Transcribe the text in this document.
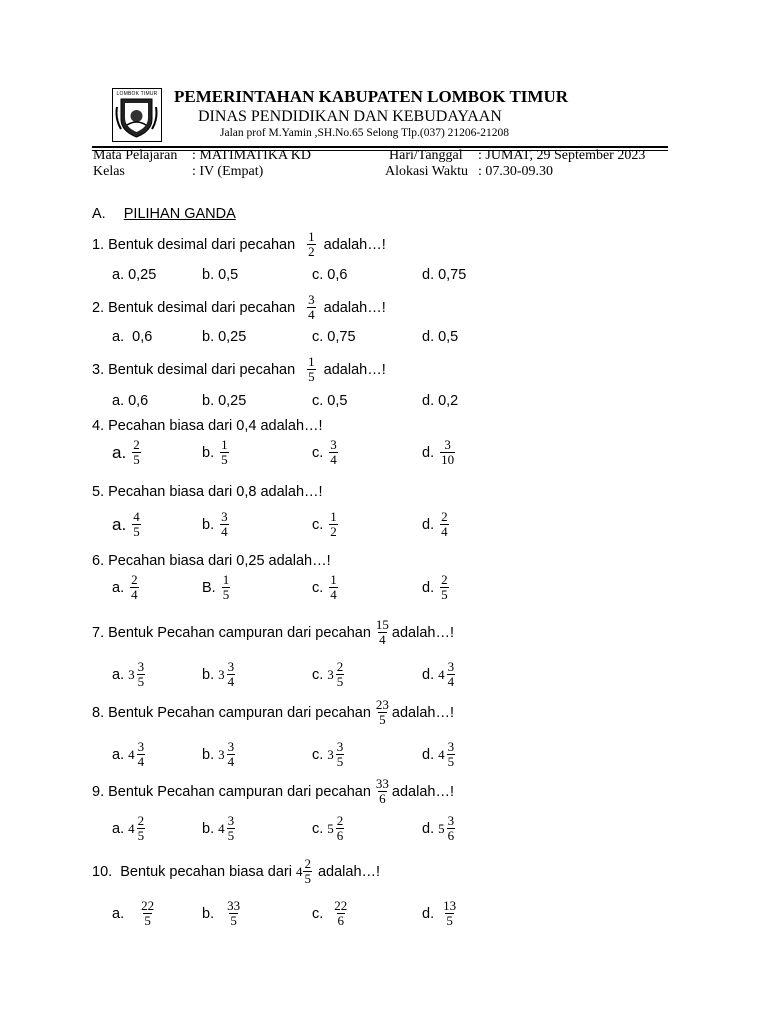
LOMBOK TIMUR PEMERINTAHAN KABUPATEN LOMBOK TIMUR
DINAS PENDIDIKAN DAN KEBUDAYAAN
Jalan prof M.Yamin ,SH.No.65 Selong Tlp.(037) 21206-21208
Mata Pelajaran : MATIMATIKA KD
Kelas	: IV (Empat)
Hari/Tanggal : JUMAT, 29 September 2023
Alokasi Waktu : 07.30-09.30
A. PILIHAN GANDA
1.
Bentuk desimal dari pecahan
$\frac{1}{2}$ adalah…!
a. 0,25	b. 0,5	c. 0,6	d. 0,75
2.
Bentuk desimal dari pecahan
$\frac{3}{4}$ adalah…!
a.
0,6	b. 0,25	c. 0,75	d. 0,5
3.
Bentuk desimal dari pecahan
$\frac{1}{5}$ adalah…!
a. 0,6	b. 0,25	c. 0,5	d. 0,2
4. Pecahan biasa dari 0,4 adalah…!
a. $\frac{2}{5}$	b. $\frac{1}{5}$	c. $\frac{3}{4}$	d. $\frac{3}{10}$
5. Pecahan biasa dari 0,8 adalah…!
a. $\frac{4}{5}$	b. $\frac{3}{4}$	c. $\frac{1}{2}$	d. $\frac{2}{4}$
6. Pecahan biasa dari 0,25 adalah…!
a. $\frac{2}{4}$	B. $\frac{1}{5}$	c. $\frac{1}{4}$	d. $\frac{2}{5}$
7.
Bentuk Pecahan campuran dari pecahan $\frac{15}{4}$ adalah…!
a. $3 \frac{3}{5}$	b. $3 \frac{3}{4}$	c. $3 \frac{2}{5}$	d. $4 \frac{3}{4}$
8.
Bentuk Pecahan campuran dari pecahan $\frac{23}{5}$ adalah…!
a. $4 \frac{3}{4}$	b. $3 \frac{3}{4}$	c. $3 \frac{3}{5}$	d. $4 \frac{3}{5}$
9.
Bentuk Pecahan campuran dari pecahan $\frac{33}{6}$ adalah…!
a. $4 \frac{2}{5}$	b. $4 \frac{3}{5}$	c. $5 \frac{2}{6}$	d. $5 \frac{3}{6}$
10.
Bentuk pecahan biasa dari
$4 \frac{2}{5}$ adalah…!
a. $\frac{22}{5}$	b. $\frac{33}{5}$	c. $\frac{22}{6}$	d. $\frac{13}{5}$
